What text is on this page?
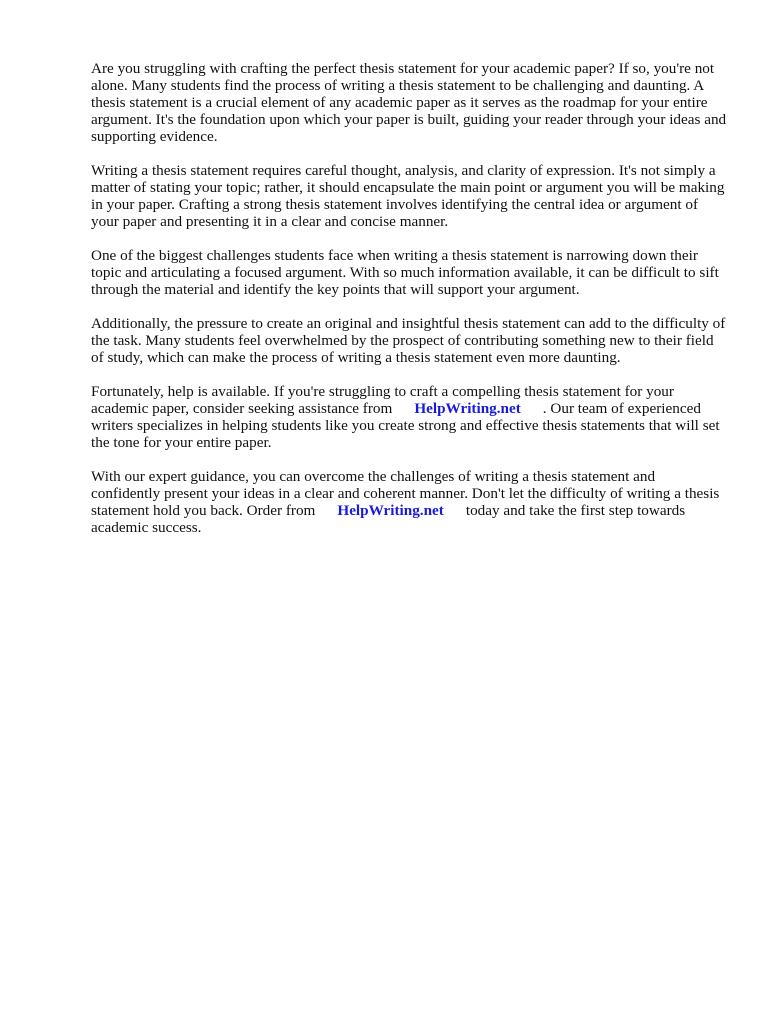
Are you struggling with crafting the perfect thesis statement for your academic paper? If so, you're not alone. Many students find the process of writing a thesis statement to be challenging and daunting. A thesis statement is a crucial element of any academic paper as it serves as the roadmap for your entire argument. It's the foundation upon which your paper is built, guiding your reader through your ideas and supporting evidence.

Writing a thesis statement requires careful thought, analysis, and clarity of expression. It's not simply a matter of stating your topic; rather, it should encapsulate the main point or argument you will be making in your paper. Crafting a strong thesis statement involves identifying the central idea or argument of your paper and presenting it in a clear and concise manner.

One of the biggest challenges students face when writing a thesis statement is narrowing down their topic and articulating a focused argument. With so much information available, it can be difficult to sift through the material and identify the key points that will support your argument.

Additionally, the pressure to create an original and insightful thesis statement can add to the difficulty of the task. Many students feel overwhelmed by the prospect of contributing something new to their field of study, which can make the process of writing a thesis statement even more daunting.

Fortunately, help is available. If you're struggling to craft a compelling thesis statement for your academic paper, consider seeking assistance from HelpWriting.net . Our team of experienced writers specializes in helping students like you create strong and effective thesis statements that will set the tone for your entire paper.

With our expert guidance, you can overcome the challenges of writing a thesis statement and confidently present your ideas in a clear and coherent manner. Don't let the difficulty of writing a thesis statement hold you back. Order from HelpWriting.net today and take the first step towards academic success.
